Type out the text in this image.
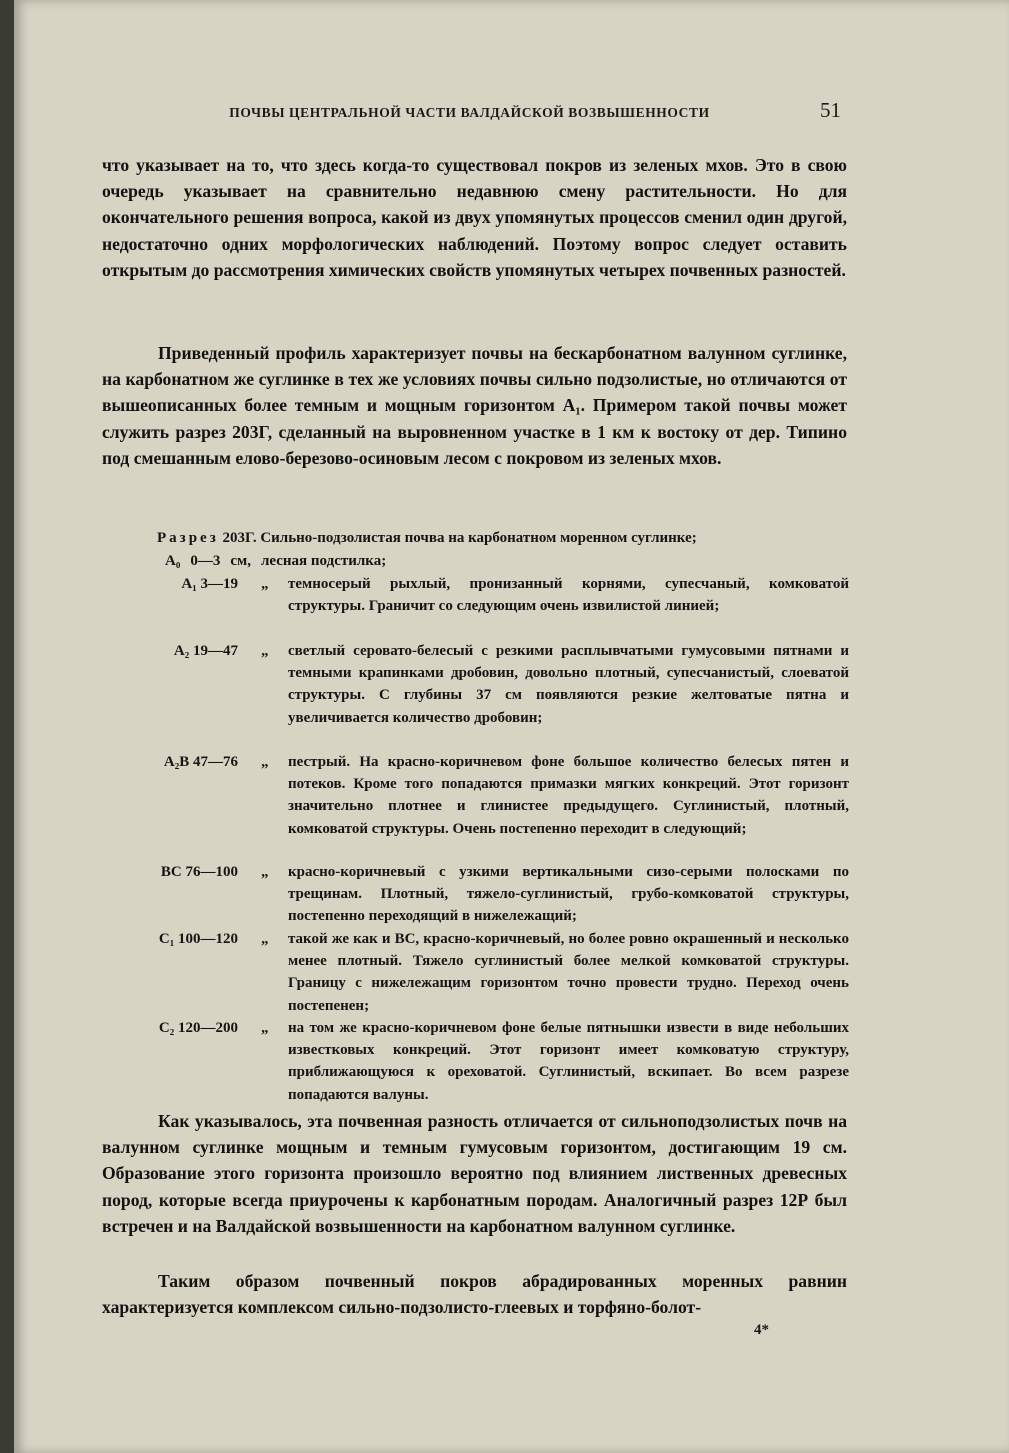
ПОЧВЫ ЦЕНТРАЛЬНОЙ ЧАСТИ ВАЛДАЙСКОЙ ВОЗВЫШЕННОСТИ	51
что указывает на то, что здесь когда-то существовал покров из зеленых мхов. Это в свою очередь указывает на сравнительно недавнюю смену растительности. Но для окончательного решения вопроса, какой из двух упомянутых процессов сменил один другой, недостаточно одних морфологических наблюдений. Поэтому вопрос следует оставить открытым до рассмотрения химических свойств упомянутых четырех почвенных разностей.
Приведенный профиль характеризует почвы на бескарбонатном валунном суглинке, на карбонатном же суглинке в тех же условиях почвы сильно подзолистые, но отличаются от вышеописанных более темным и мощным горизонтом A₁. Примером такой почвы может служить разрез 203Г, сделанный на выровненном участке в 1 км к востоку от дер. Типино под смешанным елово-березово-осиновым лесом с покровом из зеленых мхов.
Разрез 203Г. Сильно-подзолистая почва на карбонатном моренном суглинке;
A₀ 0—3 см, лесная подстилка;
A₁ 3—19 „ темносерый рыхлый, пронизанный корнями, супесчаный, комковатой структуры. Граничит со следующим очень извилистой линией;
A₂ 19—47 „ светлый серовато-белесый с резкими расплывчатыми гумусовыми пятнами и темными крапинками дробовин, довольно плотный, супесчанистый, слоеватой структуры. С глубины 37 см появляются резкие желтоватые пятна и увеличивается количество дробовин;
A₂B 47—76 „ пестрый. На красно-коричневом фоне большое количество белесых пятен и потеков. Кроме того попадаются примазки мягких конкреций. Этот горизонт значительно плотнее и глинистее предыдущего. Суглинистый, плотный, комковатой структуры. Очень постепенно переходит в следующий;
BC 76—100 „ красно-коричневый с узкими вертикальными сизо-серыми полосками по трещинам. Плотный, тяжело-суглинистый, грубо-комковатой структуры, постепенно переходящий в нижележащий;
C₁ 100—120 „ такой же как и BC, красно-коричневый, но более ровно окрашенный и несколько менее плотный. Тяжело суглинистый более мелкой комковатой структуры. Границу с нижележащим горизонтом точно провести трудно. Переход очень постепенен;
C₂ 120—200 „ на том же красно-коричневом фоне белые пятнышки извести в виде небольших известковых конкреций. Этот горизонт имеет комковатую структуру, приближающуюся к ореховатой. Суглинистый, вскипает. Во всем разрезе попадаются валуны.
Как указывалось, эта почвенная разность отличается от сильноподзолистых почв на валунном суглинке мощным и темным гумусовым горизонтом, достигающим 19 см. Образование этого горизонта произошло вероятно под влиянием лиственных древесных пород, которые всегда приурочены к карбонатным породам. Аналогичный разрез 12Р был встречен и на Валдайской возвышенности на карбонатном валунном суглинке.
Таким образом почвенный покров абрадированных моренных равнин характеризуется комплексом сильно-подзолисто-глеевых и торфяно-болот-
4*
